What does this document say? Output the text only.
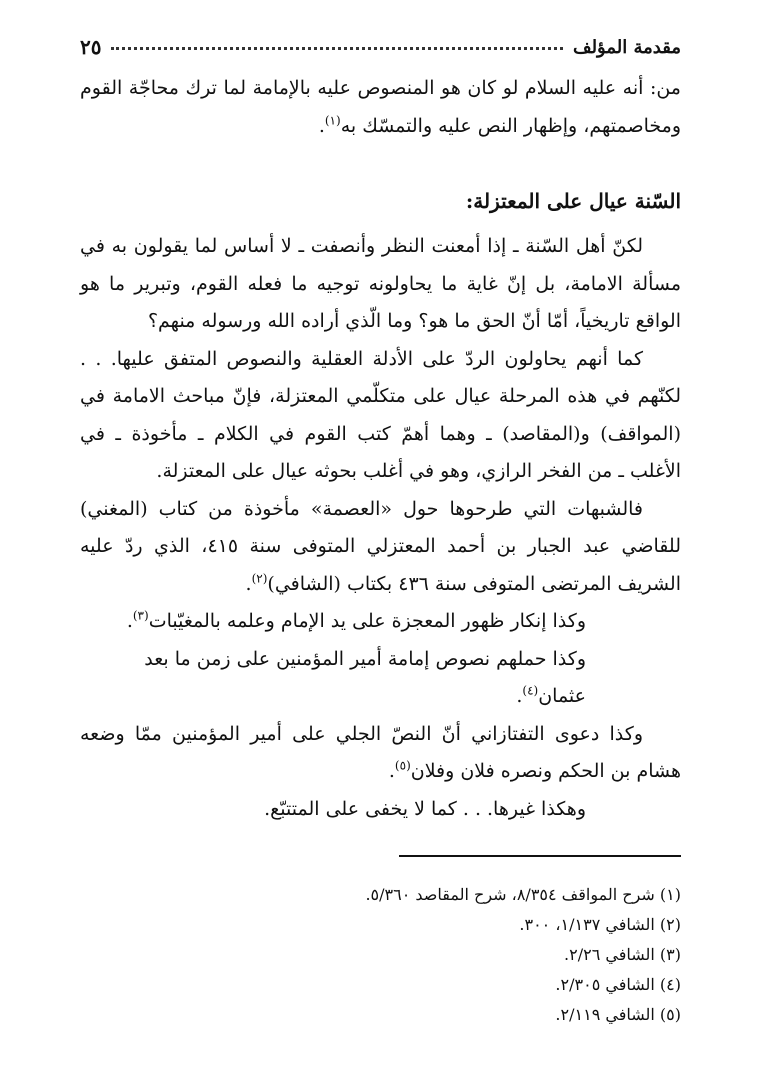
مقدمة المؤلف
٢٥

من: أنه عليه السلام لو كان هو المنصوص عليه بالإمامة لما ترك محاجّة القوم ومخاصمتهم، وإظهار النص عليه والتمسّك به$^{(١)}$.

السّنة عيال على المعتزلة:

لكنّ أهل السّنة ـ إذا أمعنت النظر وأنصفت ـ لا أساس لما يقولون به في مسألة الامامة، بل إنّ غاية ما يحاولونه توجيه ما فعله القوم، وتبرير ما هو الواقع تاريخياً، أمّا أنّ الحق ما هو؟ وما الّذي أراده الله ورسوله منهم؟

كما أنهم يحاولون الردّ على الأدلة العقلية والنصوص المتفق عليها. . . لكنّهم في هذه المرحلة عيال على متكلّمي المعتزلة، فإنّ مباحث الامامة في (المواقف) و(المقاصد) ـ وهما أهمّ كتب القوم في الكلام ـ مأخوذة ـ في الأغلب ـ من الفخر الرازي، وهو في أغلب بحوثه عيال على المعتزلة.

فالشبهات التي طرحوها حول «العصمة» مأخوذة من كتاب (المغني) للقاضي عبد الجبار بن أحمد المعتزلي المتوفى سنة ٤١٥، الذي ردّ عليه الشريف المرتضى المتوفى سنة ٤٣٦ بكتاب (الشافي)$^{(٢)}$.

وكذا إنكار ظهور المعجزة على يد الإمام وعلمه بالمغيّبات$^{(٣)}$.

وكذا حملهم نصوص إمامة أمير المؤمنين على زمن ما بعد عثمان$^{(٤)}$.

وكذا دعوى التفتازاني أنّ النصّ الجلي على أمير المؤمنين ممّا وضعه هشام بن الحكم ونصره فلان وفلان$^{(٥)}$.

وهكذا غيرها. . . كما لا يخفى على المتتبّع.

(١) شرح المواقف ٨/٣٥٤، شرح المقاصد ٥/٣٦٠.
(٢) الشافي ١/١٣٧، ٣٠٠.
(٣) الشافي ٢/٢٦.
(٤) الشافي ٢/٣٠٥.
(٥) الشافي ٢/١١٩.
